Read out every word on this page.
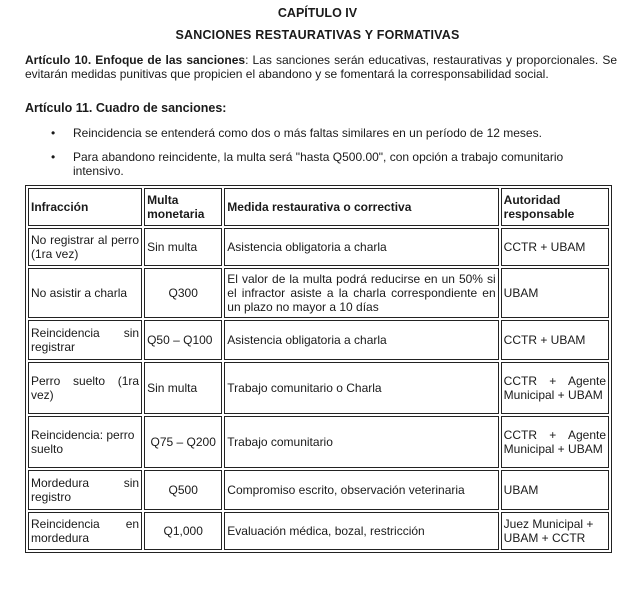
CAPÍTULO IV
SANCIONES RESTAURATIVAS Y FORMATIVAS
Artículo 10. Enfoque de las sanciones: Las sanciones serán educativas, restaurativas y proporcionales. Se evitarán medidas punitivas que propicien el abandono y se fomentará la corresponsabilidad social.
Artículo 11. Cuadro de sanciones:
• Reincidencia se entenderá como dos o más faltas similares en un período de 12 meses.
• Para abandono reincidente, la multa será "hasta Q500.00", con opción a trabajo comunitario intensivo.
Infracción	Multa monetaria	Medida restaurativa o correctiva	Autoridad responsable
No registrar al perro (1ra vez)	Sin multa	Asistencia obligatoria a charla	CCTR + UBAM
No asistir a charla	Q300	El valor de la multa podrá reducirse en un 50% si el infractor asiste a la charla correspondiente en un plazo no mayor a 10 días	UBAM
Reincidencia sin registrar	Q50 – Q100	Asistencia obligatoria a charla	CCTR + UBAM
Perro suelto (1ra vez)	Sin multa	Trabajo comunitario o Charla	CCTR + Agente Municipal + UBAM
Reincidencia: perro suelto	Q75 – Q200	Trabajo comunitario	CCTR + Agente Municipal + UBAM
Mordedura sin registro	Q500	Compromiso escrito, observación veterinaria	UBAM
Reincidencia en mordedura	Q1,000	Evaluación médica, bozal, restricción	Juez Municipal + UBAM + CCTR
